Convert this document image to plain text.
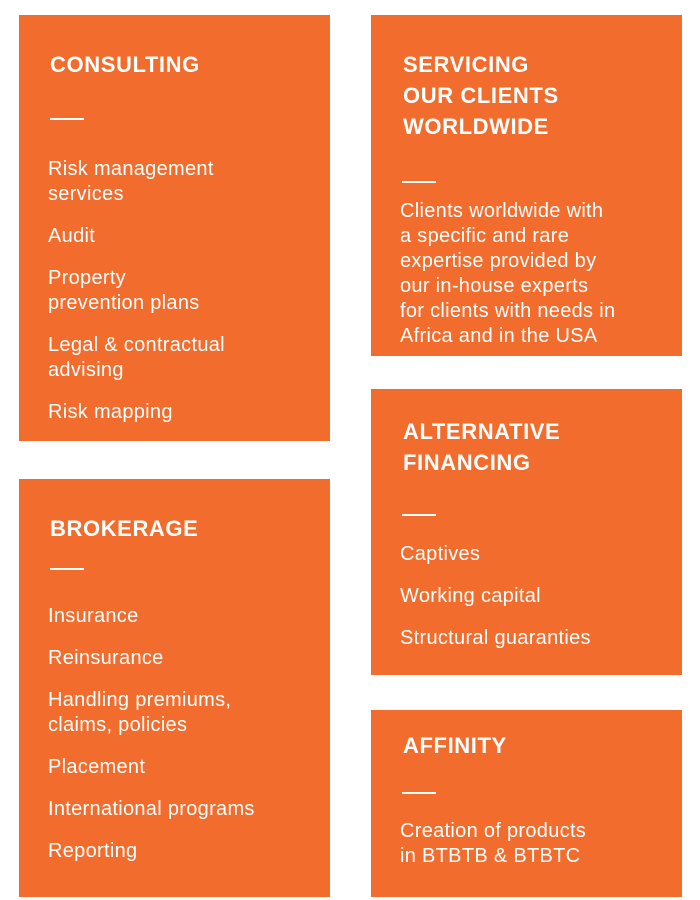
CONSULTING
Risk management
services
Audit
Property
prevention plans
Legal & contractual
advising
Risk mapping
SERVICING
OUR CLIENTS
WORLDWIDE

Clients worldwide with
a specific and rare
expertise provided by
our in-house experts
for clients with needs in
Africa and in the USA

BROKERAGE
Insurance
Reinsurance
Handling premiums,
claims, policies
Placement
International programs
Reporting
ALTERNATIVE
FINANCING
Captives
Working capital
Structural guaranties
AFFINITY

Creation of products
in BTBTB & BTBTC
